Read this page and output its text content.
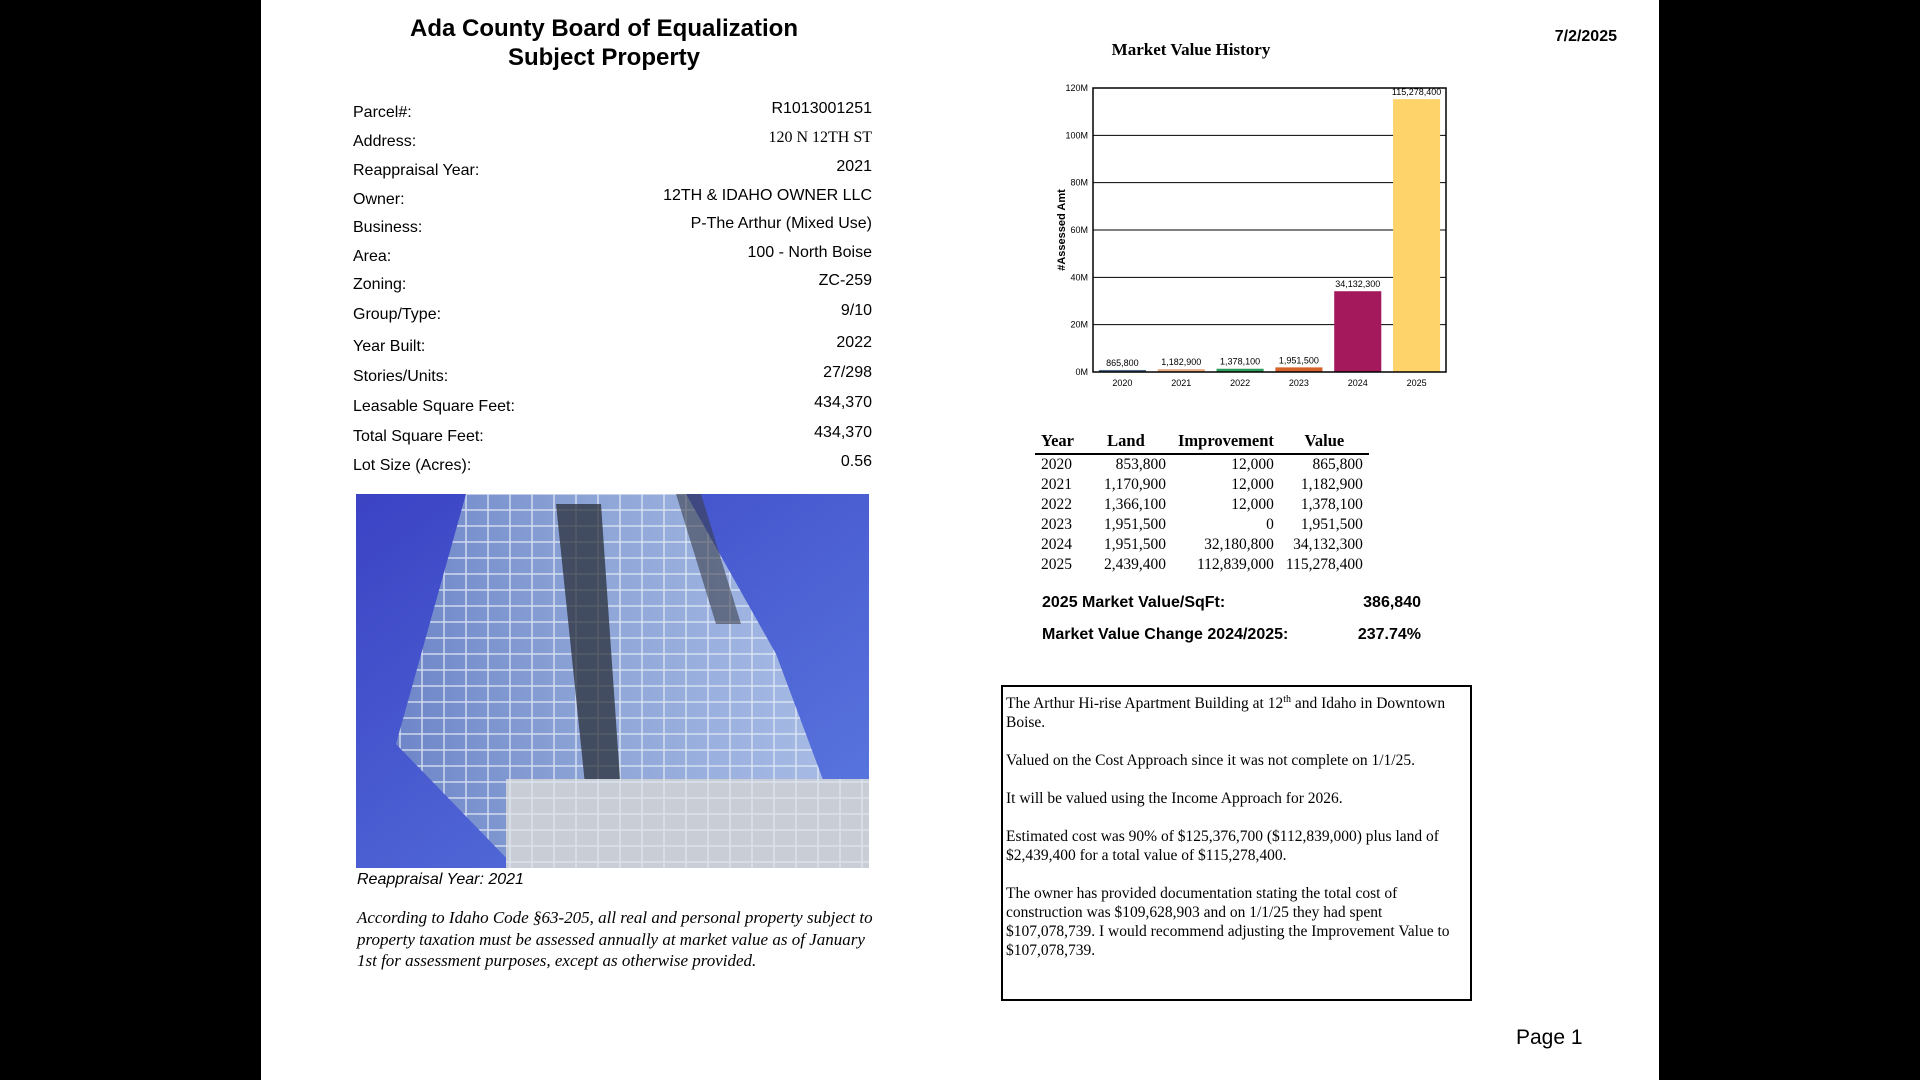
Ada County Board of Equalization
Subject Property
7/2/2025
Parcel#:	R1013001251
Address:	120 N 12TH ST
Reappraisal Year:	2021
Owner:	12TH & IDAHO OWNER LLC
Business:	P-The Arthur (Mixed Use)
Area:	100 - North Boise
Zoning:	ZC-259
Group/Type:	9/10
Year Built:	2022
Stories/Units:	27/298
Leasable Square Feet:	434,370
Total Square Feet:	434,370
Lot Size (Acres):	0.56
Reappraisal Year: 2021
According to Idaho Code §63-205, all real and personal property subject to property taxation must be assessed annually at market value as of January 1st for assessment purposes, except as otherwise provided.
Market Value History
0M
20M
40M
60M
80M
100M
120M
865,800	1,182,900 1,378,100 1,951,500
34,132,300
115,278,400
2020	2021	2022	2023	2024	2025
#Assessed Amt
Year	Land	Improvement	Value
2020	853,800	12,000	865,800
2021	1,170,900	12,000	1,182,900
2022	1,366,100	12,000	1,378,100
2023	1,951,500	0	1,951,500
2024	1,951,500	32,180,800	34,132,300
2025	2,439,400	112,839,000	115,278,400
2025 Market Value/SqFt:	386,840
Market Value Change 2024/2025:	237.74%

The Arthur Hi-rise Apartment Building at 12th and Idaho in Downtown Boise.

Valued on the Cost Approach since it was not complete on 1/1/25.

It will be valued using the Income Approach for 2026.

Estimated cost was 90% of $125,376,700 ($112,839,000) plus land of $2,439,400 for a total value of $115,278,400.

The owner has provided documentation stating the total cost of construction was $109,628,903 and on 1/1/25 they had spent $107,078,739. I would recommend adjusting the Improvement Value to $107,078,739.

Page 1
